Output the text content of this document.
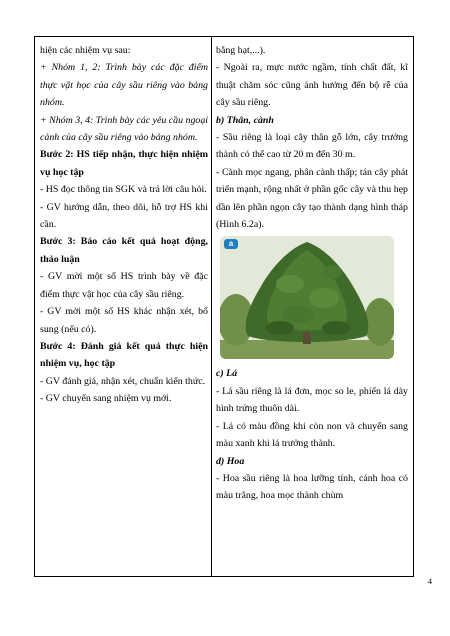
hiện các nhiệm vụ sau:

+ Nhóm 1, 2: Trình bày các đặc điểm thực vật học của cây sầu riêng vào bảng nhóm.

+ Nhóm 3, 4: Trình bày các yêu cầu ngoại cảnh của cây sầu riêng vào bảng nhóm.

Bước 2: HS tiếp nhận, thực hiện nhiệm vụ học tập

- HS đọc thông tin SGK và trả lời câu hỏi.

- GV hướng dẫn, theo dõi, hỗ trợ HS khi cần.

Bước 3: Báo cáo kết quả hoạt động, thảo luận

- GV mời một số HS trình bày về đặc điểm thực vật học của cây sầu riêng.

- GV mời một số HS khác nhận xét, bổ sung (nếu có).

Bước 4: Đánh giá kết quả thực hiện nhiệm vụ, học tập

- GV đánh giá, nhận xét, chuẩn kiến thức.

- GV chuyển sang nhiệm vụ mới.

bằng hạt,...).

- Ngoài ra, mực nước ngầm, tính chất đất, kĩ thuật chăm sóc cũng ảnh hưởng đến bộ rễ của cây sầu riêng.

b) Thân, cành

- Sầu riêng là loại cây thân gỗ lớn, cây trưởng thành có thể cao từ 20 m đến 30 m.

- Cành mọc ngang, phân cành thấp; tán cây phát triển mạnh, rộng nhất ở phần gốc cây và thu hẹp dần lên phần ngọn cây tạo thành dạng hình tháp (Hình 6.2a).

a

c) Lá

- Lá sầu riêng là lá đơn, mọc so le, phiến lá dày hình trứng thuôn dài.

- Lá có màu đồng khi còn non và chuyển sang màu xanh khi lá trưởng thành.

d) Hoa

- Hoa sầu riêng là hoa lưỡng tính, cánh hoa có màu trắng, hoa mọc thành chùm

4
